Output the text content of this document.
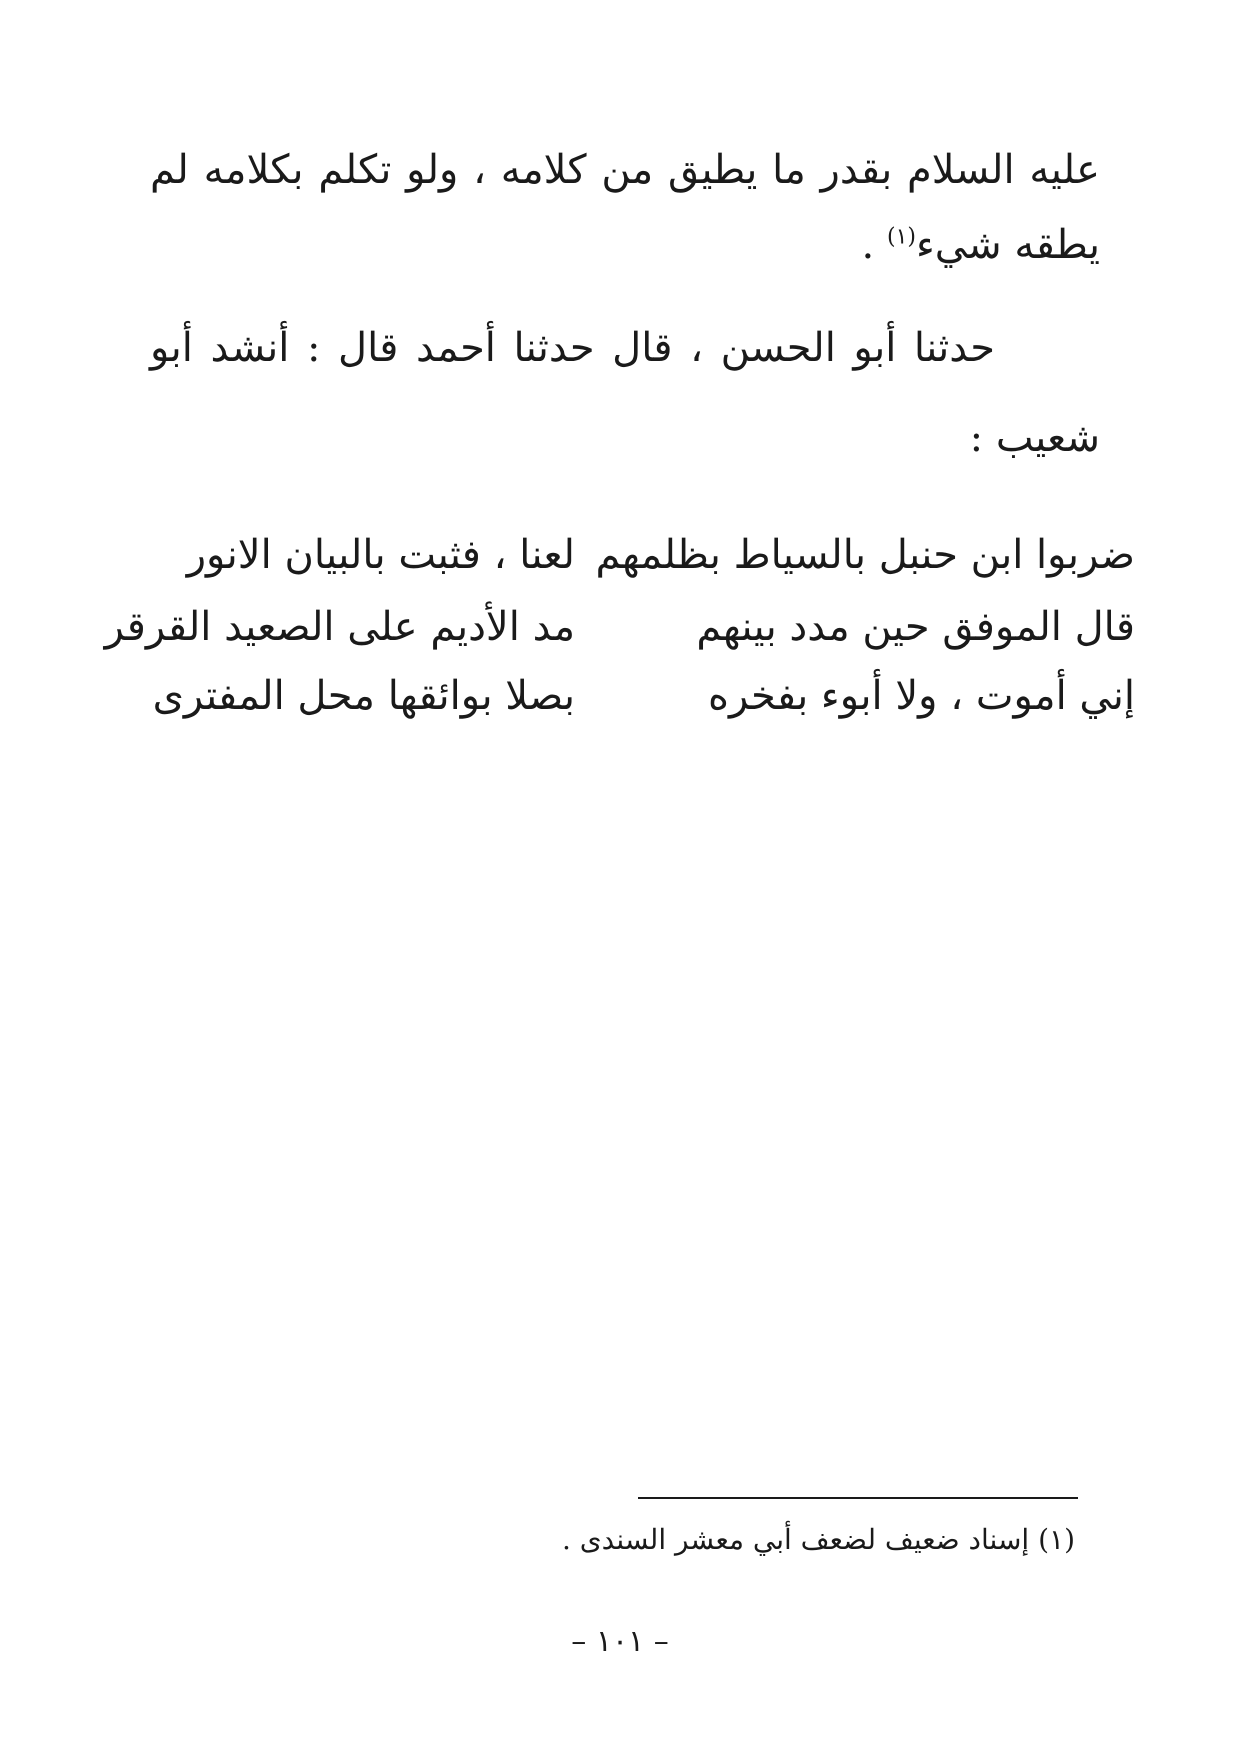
عليه السلام بقدر ما يطيق من كلامه ، ولو تكلم بكلامه لم
يطقه شيء$^{(١)}$ .
حدثنا أبو الحسن ، قال حدثنا أحمد قال : أنشد أبو
شعيب :
ضربوا ابن حنبل بالسياط بظلمهم
لعنا ، فثبت بالبيان الانور
قال الموفق حين مدد بينهم
مد الأديم على الصعيد القرقر
إني أموت ، ولا أبوء بفخره
بصلا بوائقها محل المفترى
(١) إسناد ضعيف لضعف أبي معشر السندى .
– ١٠١ –
